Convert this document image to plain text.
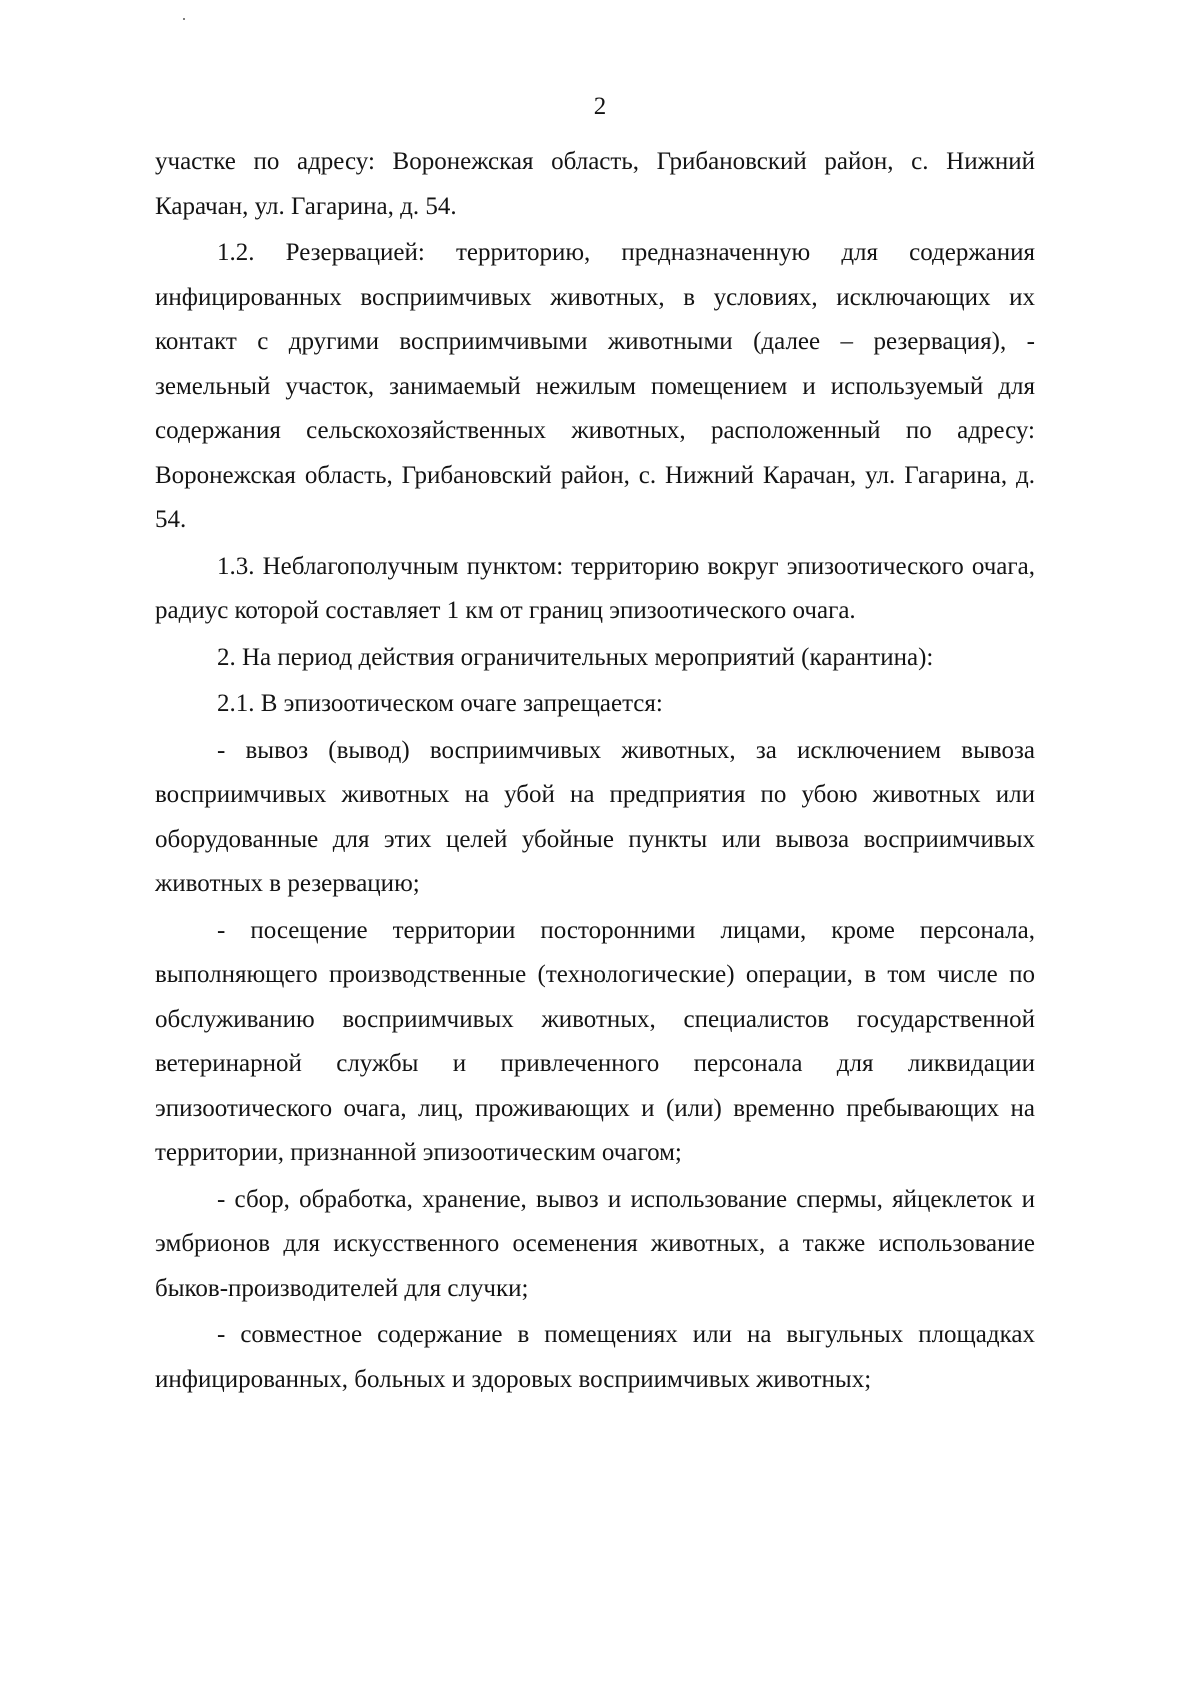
2

участке по адресу: Воронежская область, Грибановский район, с. Нижний Карачан, ул. Гагарина, д. 54.

1.2. Резервацией: территорию, предназначенную для содержания инфицированных восприимчивых животных, в условиях, исключающих их контакт с другими восприимчивыми животными (далее – резервация), - земельный участок, занимаемый нежилым помещением и используемый для содержания сельскохозяйственных животных, расположенный по адресу: Воронежская область, Грибановский район, с. Нижний Карачан, ул. Гагарина, д. 54.

1.3. Неблагополучным пунктом: территорию вокруг эпизоотического очага, радиус которой составляет 1 км от границ эпизоотического очага.

2. На период действия ограничительных мероприятий (карантина):

2.1. В эпизоотическом очаге запрещается:

- вывоз (вывод) восприимчивых животных, за исключением вывоза восприимчивых животных на убой на предприятия по убою животных или оборудованные для этих целей убойные пункты или вывоза восприимчивых животных в резервацию;

- посещение территории посторонними лицами, кроме персонала, выполняющего производственные (технологические) операции, в том числе по обслуживанию восприимчивых животных, специалистов государственной ветеринарной службы и привлеченного персонала для ликвидации эпизоотического очага, лиц, проживающих и (или) временно пребывающих на территории, признанной эпизоотическим очагом;

- сбор, обработка, хранение, вывоз и использование спермы, яйцеклеток и эмбрионов для искусственного осеменения животных, а также использование быков-производителей для случки;

- совместное содержание в помещениях или на выгульных площадках инфицированных, больных и здоровых восприимчивых животных;
